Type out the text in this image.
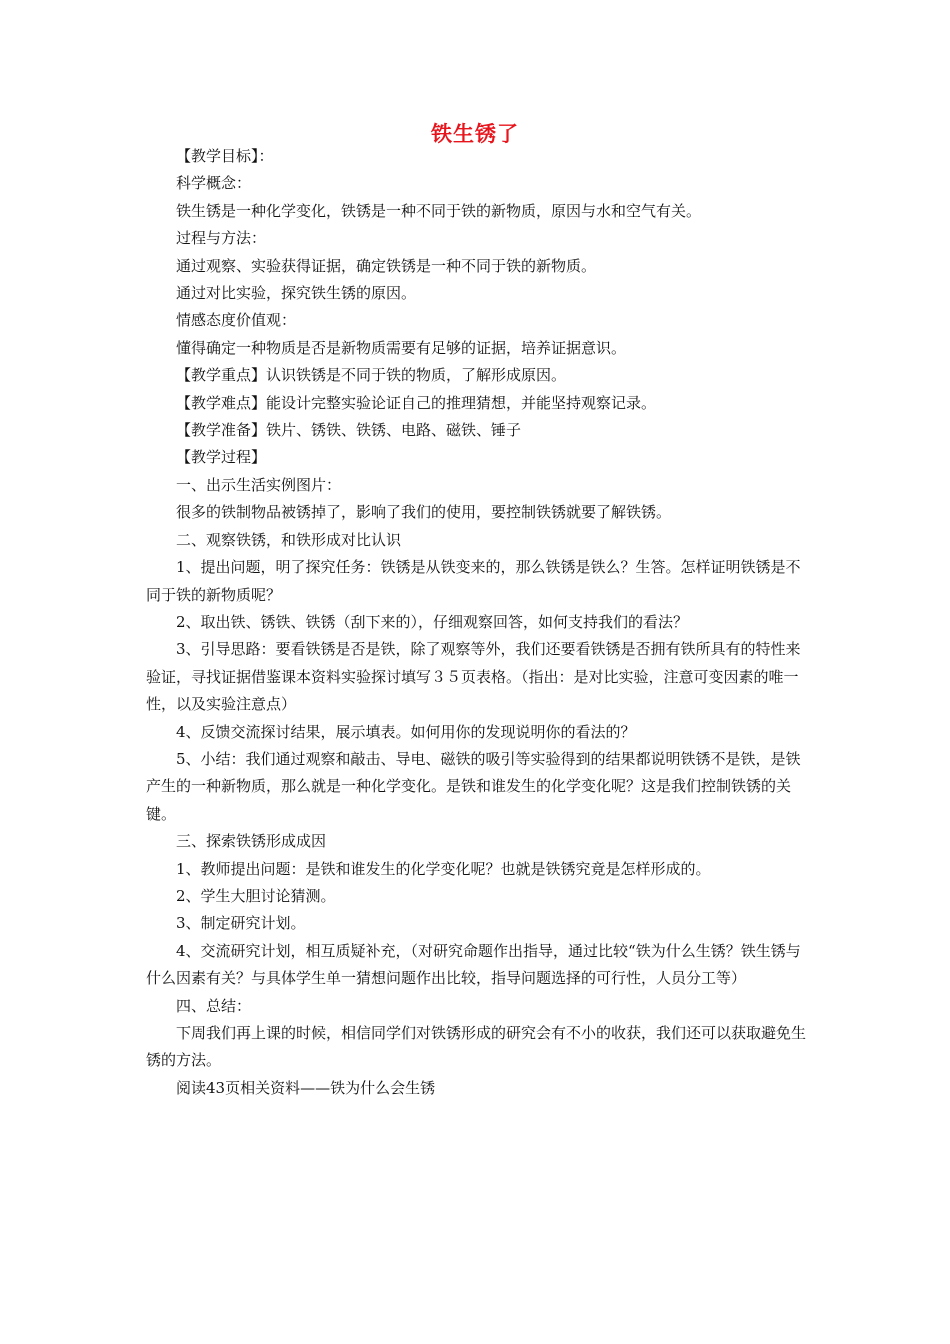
铁生锈了

【教学目标】：

科学概念：

铁生锈是一种化学变化，铁锈是一种不同于铁的新物质，原因与水和空气有关。

过程与方法：

通过观察、实验获得证据，确定铁锈是一种不同于铁的新物质。

通过对比实验，探究铁生锈的原因。

情感态度价值观：

懂得确定一种物质是否是新物质需要有足够的证据，培养证据意识。

【教学重点】认识铁锈是不同于铁的物质，了解形成原因。

【教学难点】能设计完整实验论证自己的推理猜想，并能坚持观察记录。

【教学准备】铁片、锈铁、铁锈、电路、磁铁、锤子

【教学过程】

一、出示生活实例图片：

很多的铁制物品被锈掉了，影响了我们的使用，要控制铁锈就要了解铁锈。

二、观察铁锈，和铁形成对比认识

1、提出问题，明了探究任务：铁锈是从铁变来的，那么铁锈是铁么？生答。怎样证明铁锈是不同于铁的新物质呢？

2、取出铁、锈铁、铁锈（刮下来的），仔细观察回答，如何支持我们的看法？

3、引导思路：要看铁锈是否是铁，除了观察等外，我们还要看铁锈是否拥有铁所具有的特性来验证，寻找证据借鉴课本资料实验探讨填写３５页表格。（指出：是对比实验，注意可变因素的唯一性，以及实验注意点）

4、反馈交流探讨结果，展示填表。如何用你的发现说明你的看法的？

5、小结：我们通过观察和敲击、导电、磁铁的吸引等实验得到的结果都说明铁锈不是铁，是铁产生的一种新物质，那么就是一种化学变化。是铁和谁发生的化学变化呢？这是我们控制铁锈的关键。

三、探索铁锈形成成因

1、教师提出问题：是铁和谁发生的化学变化呢？也就是铁锈究竟是怎样形成的。

2、学生大胆讨论猜测。

3、制定研究计划。

4、交流研究计划，相互质疑补充，（对研究命题作出指导，通过比较“铁为什么生锈？铁生锈与什么因素有关？与具体学生单一猜想问题作出比较，指导问题选择的可行性，人员分工等）

四、总结：

下周我们再上课的时候，相信同学们对铁锈形成的研究会有不小的收获，我们还可以获取避免生锈的方法。

阅读43页相关资料——铁为什么会生锈
